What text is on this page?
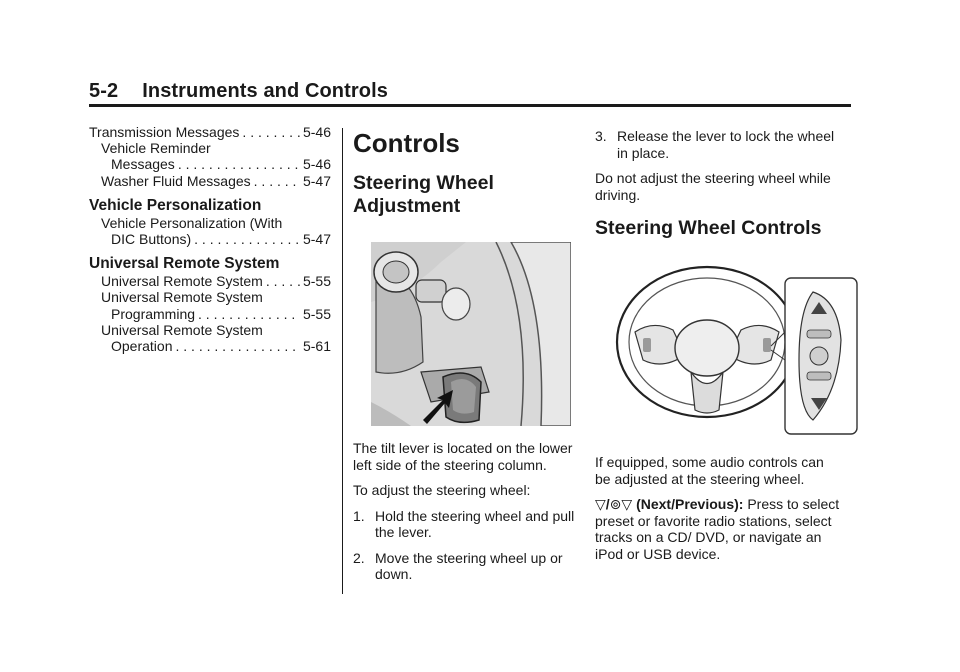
5-2 Instruments and Controls
Transmission Messages . . .	5-46
Vehicle Reminder
Messages . . .	5-46
Washer Fluid Messages . . .	5-47
Vehicle Personalization
Vehicle Personalization (With
DIC Buttons) . . .	5-47
Universal Remote System
Universal Remote System . . .	5-55
Universal Remote System
Programming . . .	5-55
Universal Remote System
Operation . . .	5-61
Controls
Steering Wheel
Adjustment

The tilt lever is located on the lower left side of the steering column.

To adjust the steering wheel:

1. Hold the steering wheel and pull the lever.
2. Move the steering wheel up or down.
3. Release the lever to lock the wheel in place.

Do not adjust the steering wheel while driving.

Steering Wheel Controls

If equipped, some audio controls can be adjusted at the steering wheel.

▽/⊚▽ (Next/Previous): Press to select preset or favorite radio stations, select tracks on a CD/ DVD, or navigate an iPod or USB device.
